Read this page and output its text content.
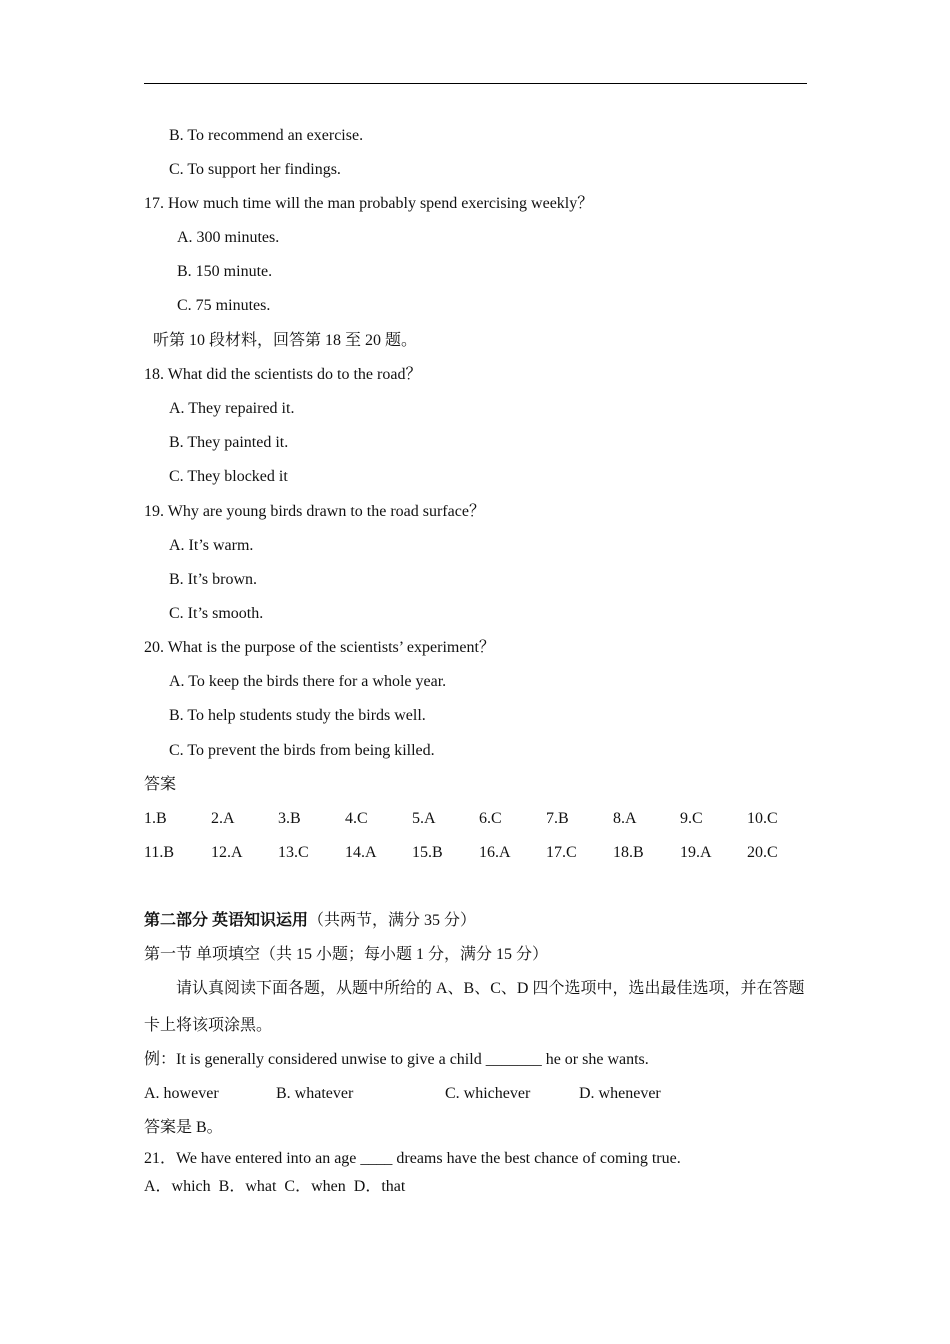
B. To recommend an exercise.
C. To support her findings.
17. How much time will the man probably spend exercising weekly？
A. 300 minutes.
B. 150 minute.
C. 75 minutes.
听第 10 段材料，回答第 18 至 20 题。
18. What did the scientists do to the road？
A. They repaired it.
B. They painted it.
C. They blocked it
19. Why are young birds drawn to the road surface？
A. It’s warm.
B. It’s brown.
C. It’s smooth.
20. What is the purpose of the scientists’ experiment？
A. To keep the birds there for a whole year.
B. To help students study the birds well.
C. To prevent the birds from being killed.
答案
1.B	2.A	3.B	4.C	5.A	6.C	7.B	8.A	9.C	10.C
11.B 12.A 13.C 14.A 15.B 16.A 17.C 18.B 19.A 20.C
第二部分 英语知识运用（共两节，满分 35 分）
第一节 单项填空（共 15 小题；每小题 1 分，满分 15 分）
请认真阅读下面各题，从题中所给的 A、B、C、D 四个选项中，选出最佳选项，并在答题
卡上将该项涂黑。
例：It is generally considered unwise to give a child _______ he or she wants.
A. however	B. whatever	C. whichever	D. whenever
答案是 B。
21．We have entered into an age ____ dreams have the best chance of coming true.
A．which  B．what  C．when  D．that
